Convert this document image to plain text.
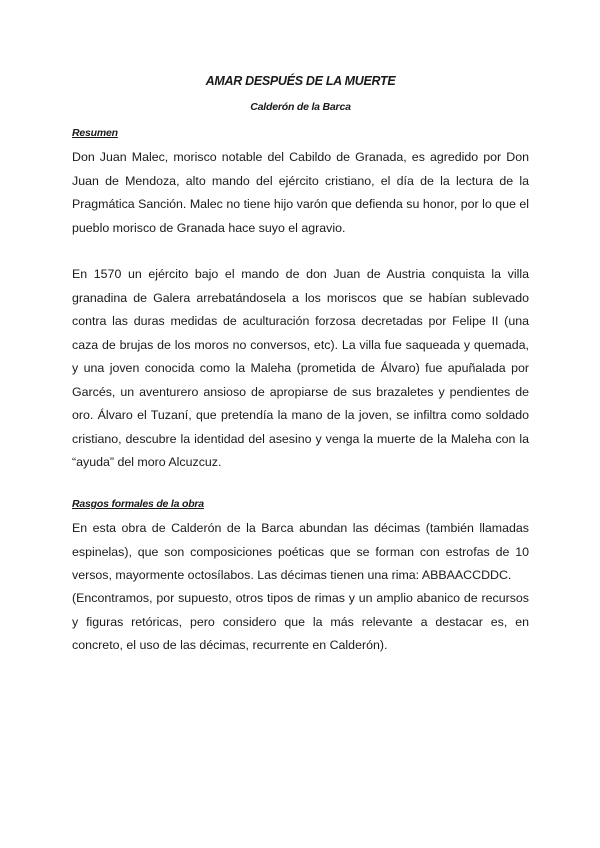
AMAR DESPUÉS DE LA MUERTE
Calderón de la Barca
Resumen
Don Juan Malec, morisco notable del Cabildo de Granada, es agredido por Don Juan de Mendoza, alto mando del ejército cristiano, el día de la lectura de la Pragmática Sanción. Malec no tiene hijo varón que defienda su honor, por lo que el pueblo morisco de Granada hace suyo el agravio.
En 1570 un ejército bajo el mando de don Juan de Austria conquista la villa granadina de Galera arrebatándosela a los moriscos que se habían sublevado contra las duras medidas de aculturación forzosa decretadas por Felipe II (una caza de brujas de los moros no conversos, etc). La villa fue saqueada y quemada, y una joven conocida como la Maleha (prometida de Álvaro) fue apuñalada por Garcés, un aventurero ansioso de apropiarse de sus brazaletes y pendientes de oro. Álvaro el Tuzaní, que pretendía la mano de la joven, se infiltra como soldado cristiano, descubre la identidad del asesino y venga la muerte de la Maleha con la “ayuda” del moro Alcuzcuz.
Rasgos formales de la obra
En esta obra de Calderón de la Barca abundan las décimas (también llamadas espinelas), que son composiciones poéticas que se forman con estrofas de 10 versos, mayormente octosílabos. Las décimas tienen una rima: ABBAACCDDC.
(Encontramos, por supuesto, otros tipos de rimas y un amplio abanico de recursos y figuras retóricas, pero considero que la más relevante a destacar es, en concreto, el uso de las décimas, recurrente en Calderón).
